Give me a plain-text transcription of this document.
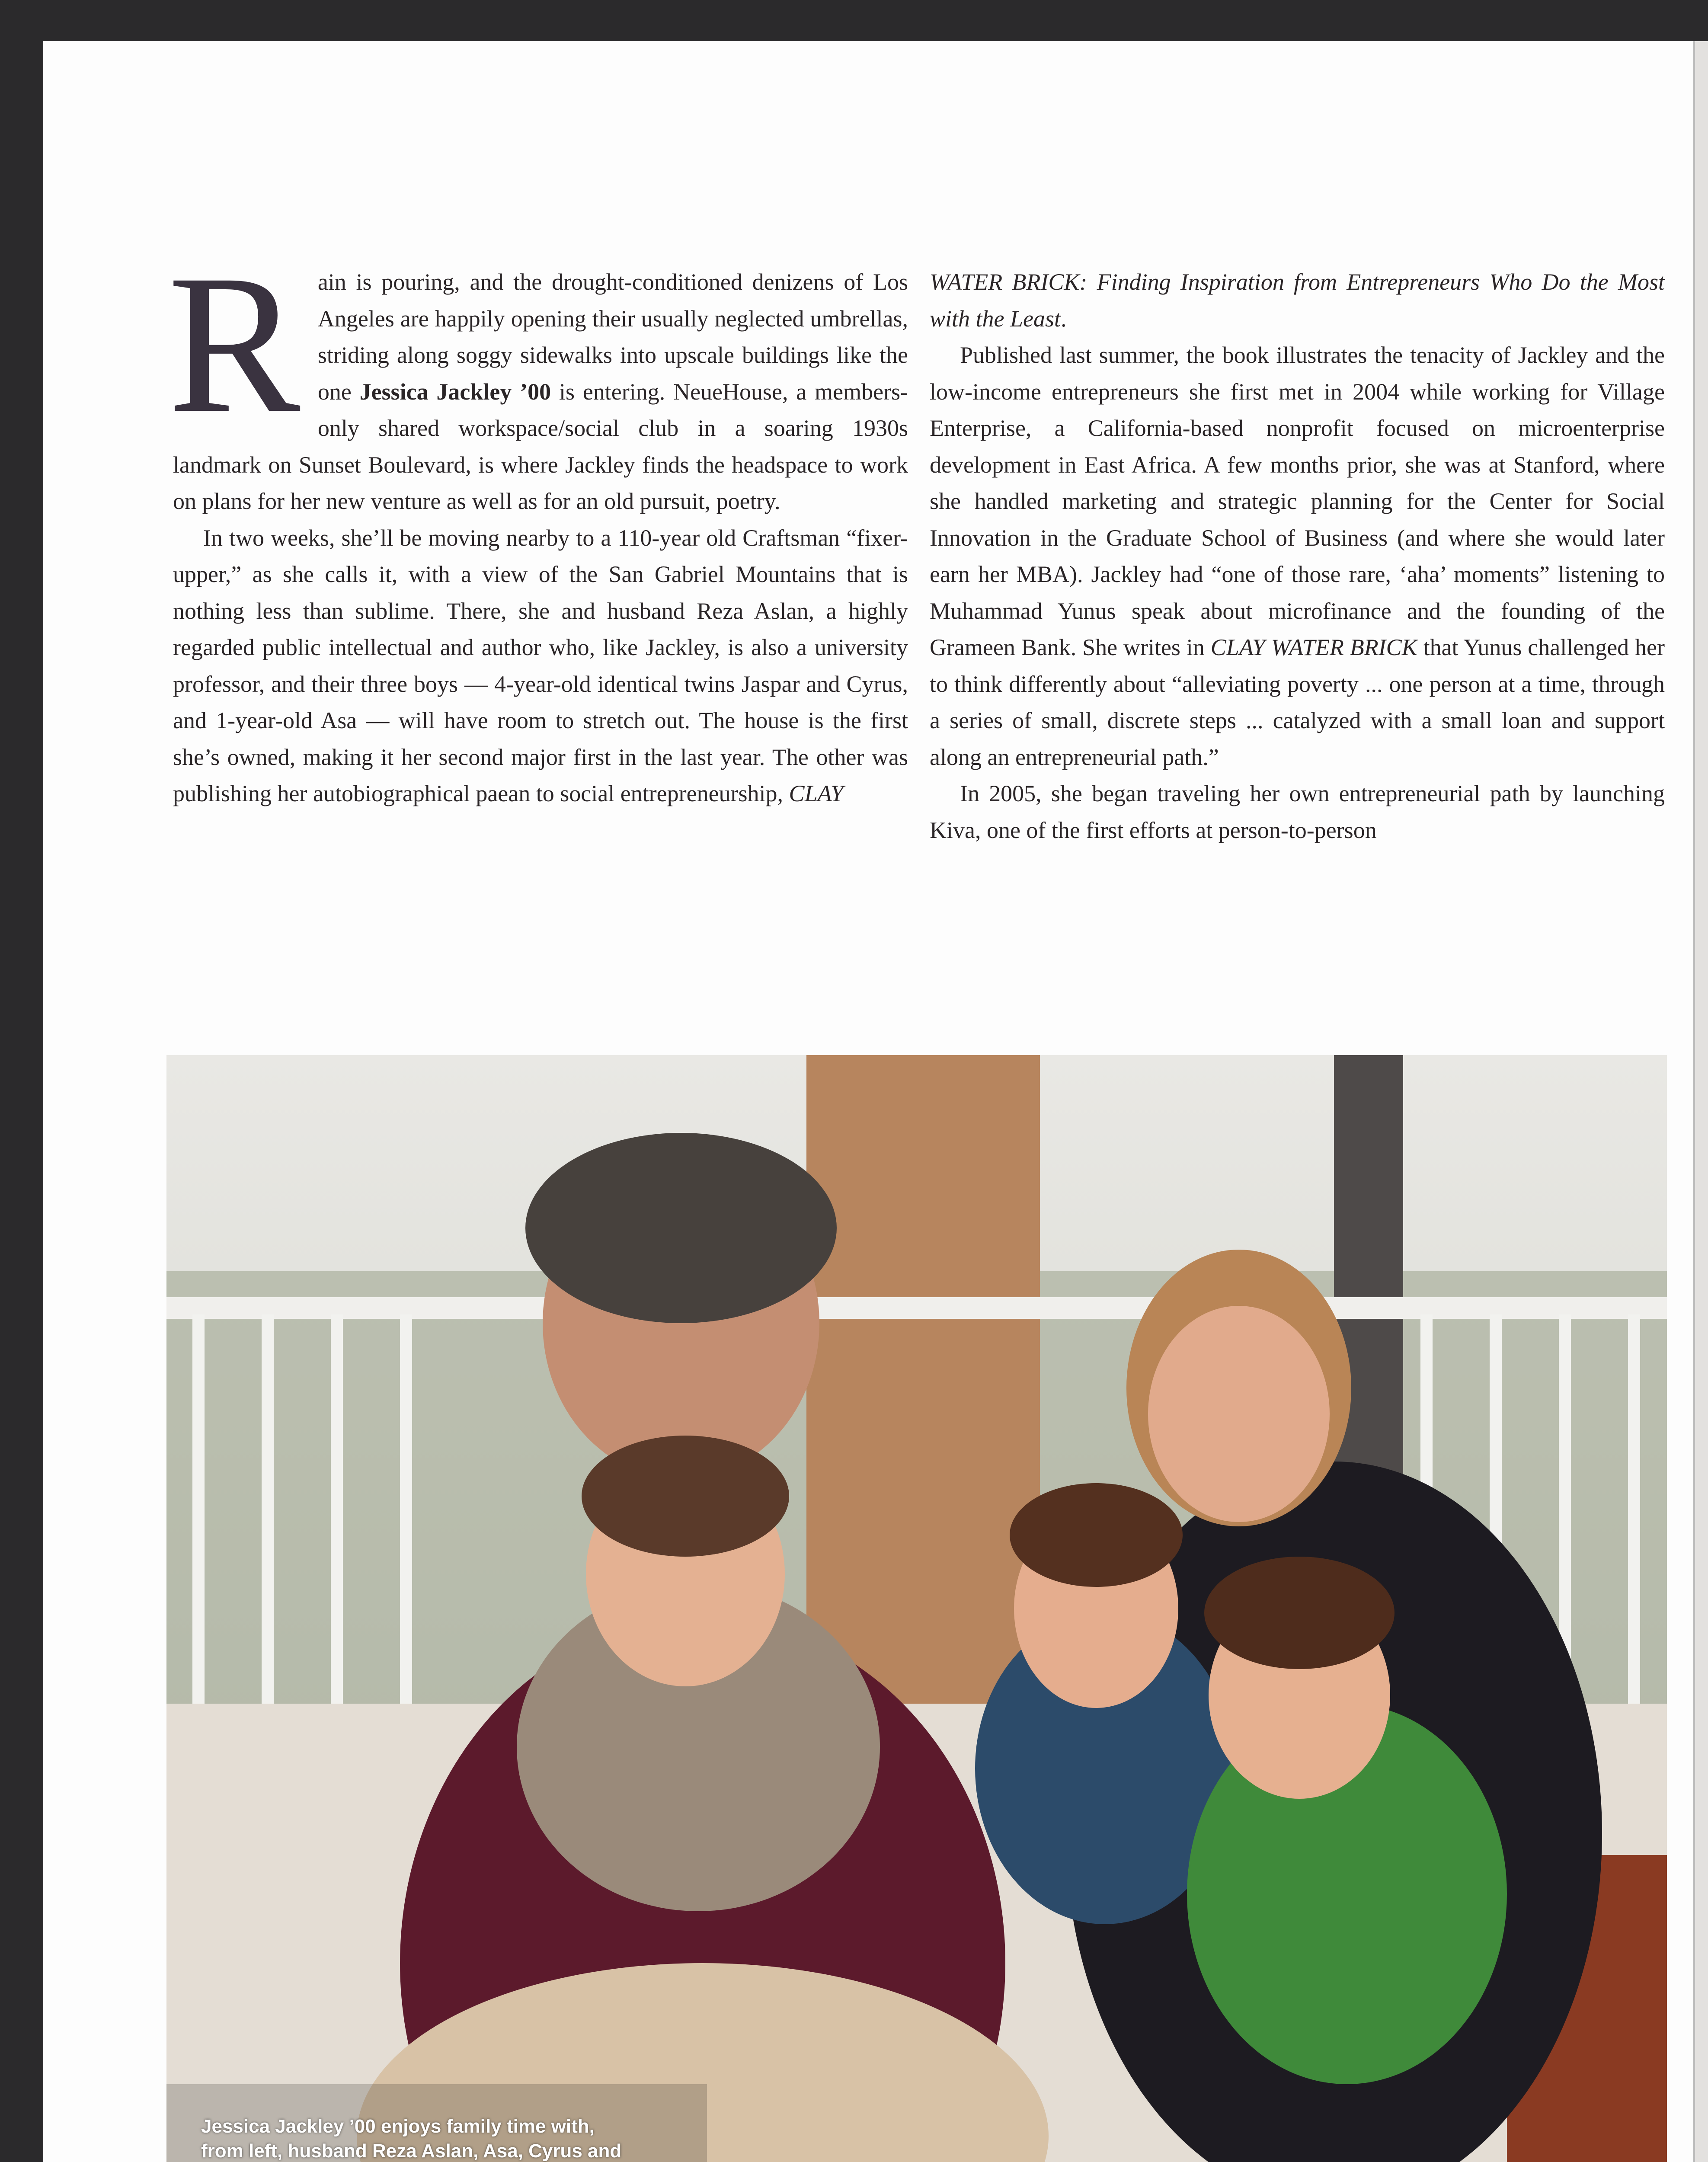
Rain is pouring, and the drought-conditioned denizens of Los Angeles are happily opening their usually neglected umbrellas, striding along soggy sidewalks into upscale buildings like the one Jessica Jackley ’00 is entering. NeueHouse, a members-only shared workspace/social club in a soaring 1930s landmark on Sunset Boulevard, is where Jackley finds the headspace to work on plans for her new venture as well as for an old pursuit, poetry.

In two weeks, she’ll be moving nearby to a 110-year old Craftsman “fixer-upper,” as she calls it, with a view of the San Gabriel Mountains that is nothing less than sublime. There, she and husband Reza Aslan, a highly regarded public intellectual and author who, like Jackley, is also a university professor, and their three boys — 4-year-old identical twins Jaspar and Cyrus, and 1-year-old Asa — will have room to stretch out. The house is the first she’s owned, making it her second major first in the last year. The other was publishing her autobiographical paean to social entrepreneurship, CLAY

WATER BRICK: Finding Inspiration from Entrepreneurs Who Do the Most with the Least.

Published last summer, the book illustrates the tenacity of Jackley and the low-income entrepreneurs she first met in 2004 while working for Village Enterprise, a California-based nonprofit focused on microenterprise development in East Africa. A few months prior, she was at Stanford, where she handled marketing and strategic planning for the Center for Social Innovation in the Graduate School of Business (and where she would later earn her MBA). Jackley had “one of those rare, ‘aha’ moments” listening to Muhammad Yunus speak about microfinance and the founding of the Grameen Bank. She writes in CLAY WATER BRICK that Yunus challenged her to think differently about “alleviating poverty ... one person at a time, through a series of small, discrete steps ... catalyzed with a small loan and support along an entrepreneurial path.”

In 2005, she began traveling her own entrepreneurial path by launching Kiva, one of the first efforts at person-to-person

Jessica Jackley ’00 enjoys family time with, from left, husband Reza Aslan, Asa, Cyrus and
